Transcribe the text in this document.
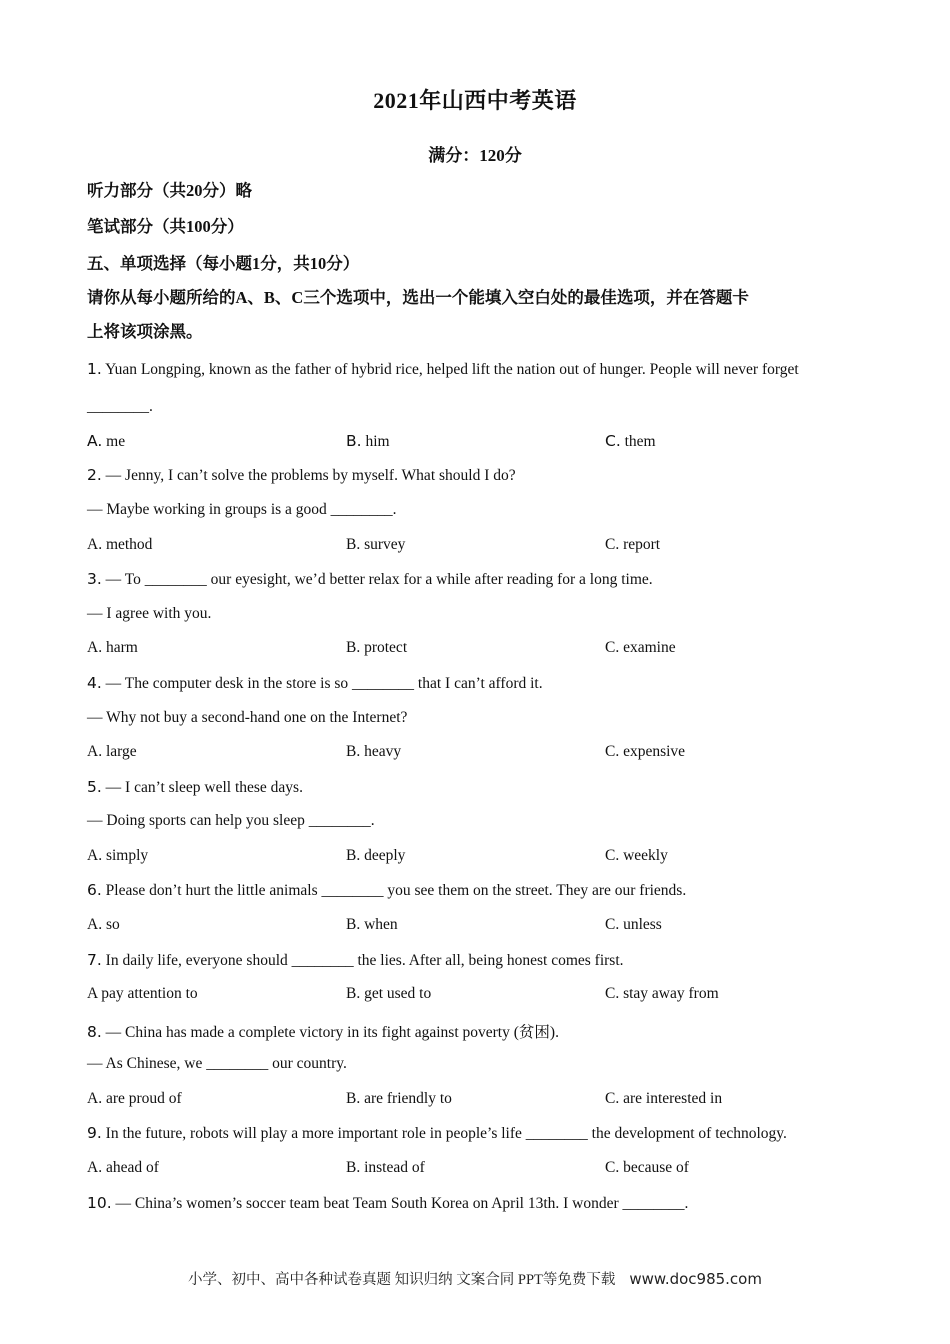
2021年山西中考英语
满分：120分
听力部分（共20分）略
笔试部分（共100分）
五、单项选择（每小题1分，共10分）
请你从每小题所给的A、B、C三个选项中，选出一个能填入空白处的最佳选项，并在答题卡
上将该项涂黑。
1. Yuan Longping, known as the father of hybrid rice, helped lift the nation out of hunger. People will never forget
________.
A. me	B. him	C. them
2. — Jenny, I can’t solve the problems by myself. What should I do?
— Maybe working in groups is a good ________.
A. method	B. survey	C. report
3. — To ________ our eyesight, we’d better relax for a while after reading for a long time.
— I agree with you.
A. harm	B. protect	C. examine
4. — The computer desk in the store is so ________ that I can’t afford it.
— Why not buy a second-hand one on the Internet?
A. large	B. heavy	C. expensive
5. — I can’t sleep well these days.
— Doing sports can help you sleep ________.
A. simply	B. deeply	C. weekly
6. Please don’t hurt the little animals ________ you see them on the street. They are our friends.
A. so	B. when	C. unless
7. In daily life, everyone should ________ the lies. After all, being honest comes first.
A pay attention to	B. get used to	C. stay away from
8. — China has made a complete victory in its fight against poverty (贫困).
— As Chinese, we ________ our country.
A. are proud of	B. are friendly to	C. are interested in
9. In the future, robots will play a more important role in people’s life ________ the development of technology.
A. ahead of	B. instead of	C. because of
10. — China’s women’s soccer team beat Team South Korea on April 13th. I wonder ________.
小学、初中、高中各种试卷真题 知识归纳 文案合同 PPT等免费下载 www.doc985.com
